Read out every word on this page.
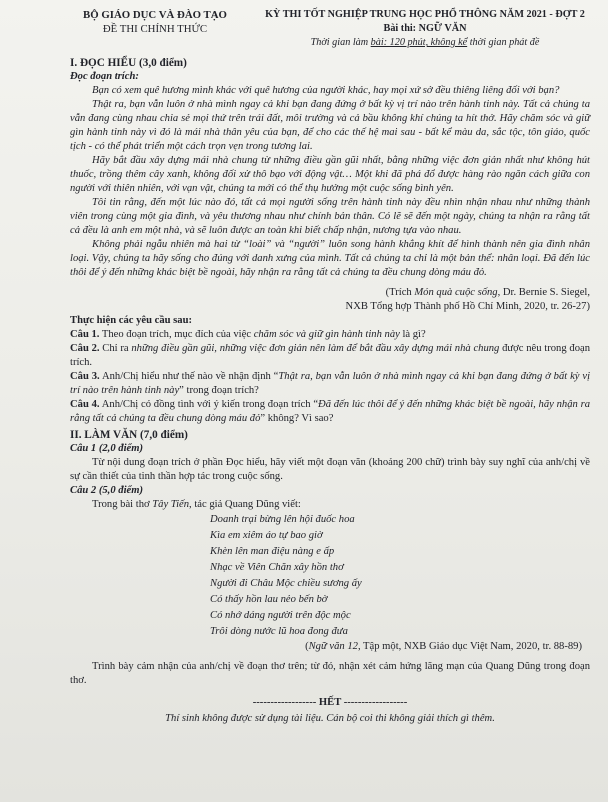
BỘ GIÁO DỤC VÀ ĐÀO TẠO
ĐỀ THI CHÍNH THỨC
KỲ THI TỐT NGHIỆP TRUNG HỌC PHỔ THÔNG NĂM 2021 - ĐỢT 2
Bài thi: NGỮ VĂN
Thời gian làm bài: 120 phút, không kể thời gian phát đề
I. ĐỌC HIỂU (3,0 điểm)
Đọc đoạn trích:

Bạn có xem quê hương mình khác với quê hương của người khác, hay mọi xứ sở đều thiêng liêng đối với bạn?

Thật ra, bạn vẫn luôn ở nhà mình ngay cả khi bạn đang đứng ở bất kỳ vị trí nào trên hành tinh này. Tất cả chúng ta vẫn đang cùng nhau chia sẻ mọi thứ trên trái đất, môi trường và cả bầu không khí chúng ta hít thở. Hãy chăm sóc và giữ gìn hành tinh này vì đó là mái nhà thân yêu của bạn, để cho các thế hệ mai sau - bất kể màu da, sắc tộc, tôn giáo, quốc tịch - có thể phát triển một cách trọn vẹn trong tương lai.

Hãy bắt đầu xây dựng mái nhà chung từ những điều gần gũi nhất, bằng những việc đơn giản nhất như không hút thuốc, trồng thêm cây xanh, không đối xử thô bạo với động vật… Một khi đã phá đổ được hàng rào ngăn cách giữa con người với thiên nhiên, với vạn vật, chúng ta mới có thể thụ hưởng một cuộc sống bình yên.

Tôi tin rằng, đến một lúc nào đó, tất cả mọi người sống trên hành tinh này đều nhìn nhận nhau như những thành viên trong cùng một gia đình, và yêu thương nhau như chính bản thân. Có lẽ sẽ đến một ngày, chúng ta nhận ra rằng tất cả đều là anh em một nhà, và sẽ luôn được an toàn khi biết chấp nhận, nương tựa vào nhau.

Không phải ngẫu nhiên mà hai từ “loài” và “người” luôn song hành khắng khít để hình thành nên gia đình nhân loại. Vậy, chúng ta hãy sống cho đúng với danh xưng của mình. Tất cả chúng ta chỉ là một bản thể: nhân loại. Đã đến lúc thôi để ý đến những khác biệt bề ngoài, hãy nhận ra rằng tất cả chúng ta đều chung dòng máu đỏ.

(Trích Món quà cuộc sống, Dr. Bernie S. Siegel,

NXB Tổng hợp Thành phố Hồ Chí Minh, 2020, tr. 26-27)

Thực hiện các yêu cầu sau:

Câu 1. Theo đoạn trích, mục đích của việc chăm sóc và giữ gìn hành tinh này là gì?

Câu 2. Chỉ ra những điều gần gũi, những việc đơn giản nên làm để bắt đầu xây dựng mái nhà chung được nêu trong đoạn trích.

Câu 3. Anh/Chị hiểu như thế nào về nhận định “Thật ra, bạn vẫn luôn ở nhà mình ngay cả khi bạn đang đứng ở bất kỳ vị trí nào trên hành tinh này” trong đoạn trích?

Câu 4. Anh/Chị có đồng tình với ý kiến trong đoạn trích “Đã đến lúc thôi để ý đến những khác biệt bề ngoài, hãy nhận ra rằng tất cả chúng ta đều chung dòng máu đỏ” không? Vì sao?

II. LÀM VĂN (7,0 điểm)
Câu 1 (2,0 điểm)

Từ nội dung đoạn trích ở phần Đọc hiểu, hãy viết một đoạn văn (khoảng 200 chữ) trình bày suy nghĩ của anh/chị về sự cần thiết của tinh thần hợp tác trong cuộc sống.

Câu 2 (5,0 điểm)

Trong bài thơ Tây Tiến, tác giả Quang Dũng viết:

Doanh trại bừng lên hội đuốc hoa
Kìa em xiêm áo tự bao giờ
Khèn lên man điệu nàng e ấp
Nhạc về Viên Chăn xây hồn thơ
Người đi Châu Mộc chiều sương ấy
Có thấy hồn lau nẻo bến bờ
Có nhớ dáng người trên độc mộc
Trôi dòng nước lũ hoa đong đưa

(Ngữ văn 12, Tập một, NXB Giáo dục Việt Nam, 2020, tr. 88-89)

Trình bày cảm nhận của anh/chị về đoạn thơ trên; từ đó, nhận xét cảm hứng lãng mạn của Quang Dũng trong đoạn thơ.

------------------ HẾT ------------------
Thí sinh không được sử dụng tài liệu. Cán bộ coi thi không giải thích gì thêm.
